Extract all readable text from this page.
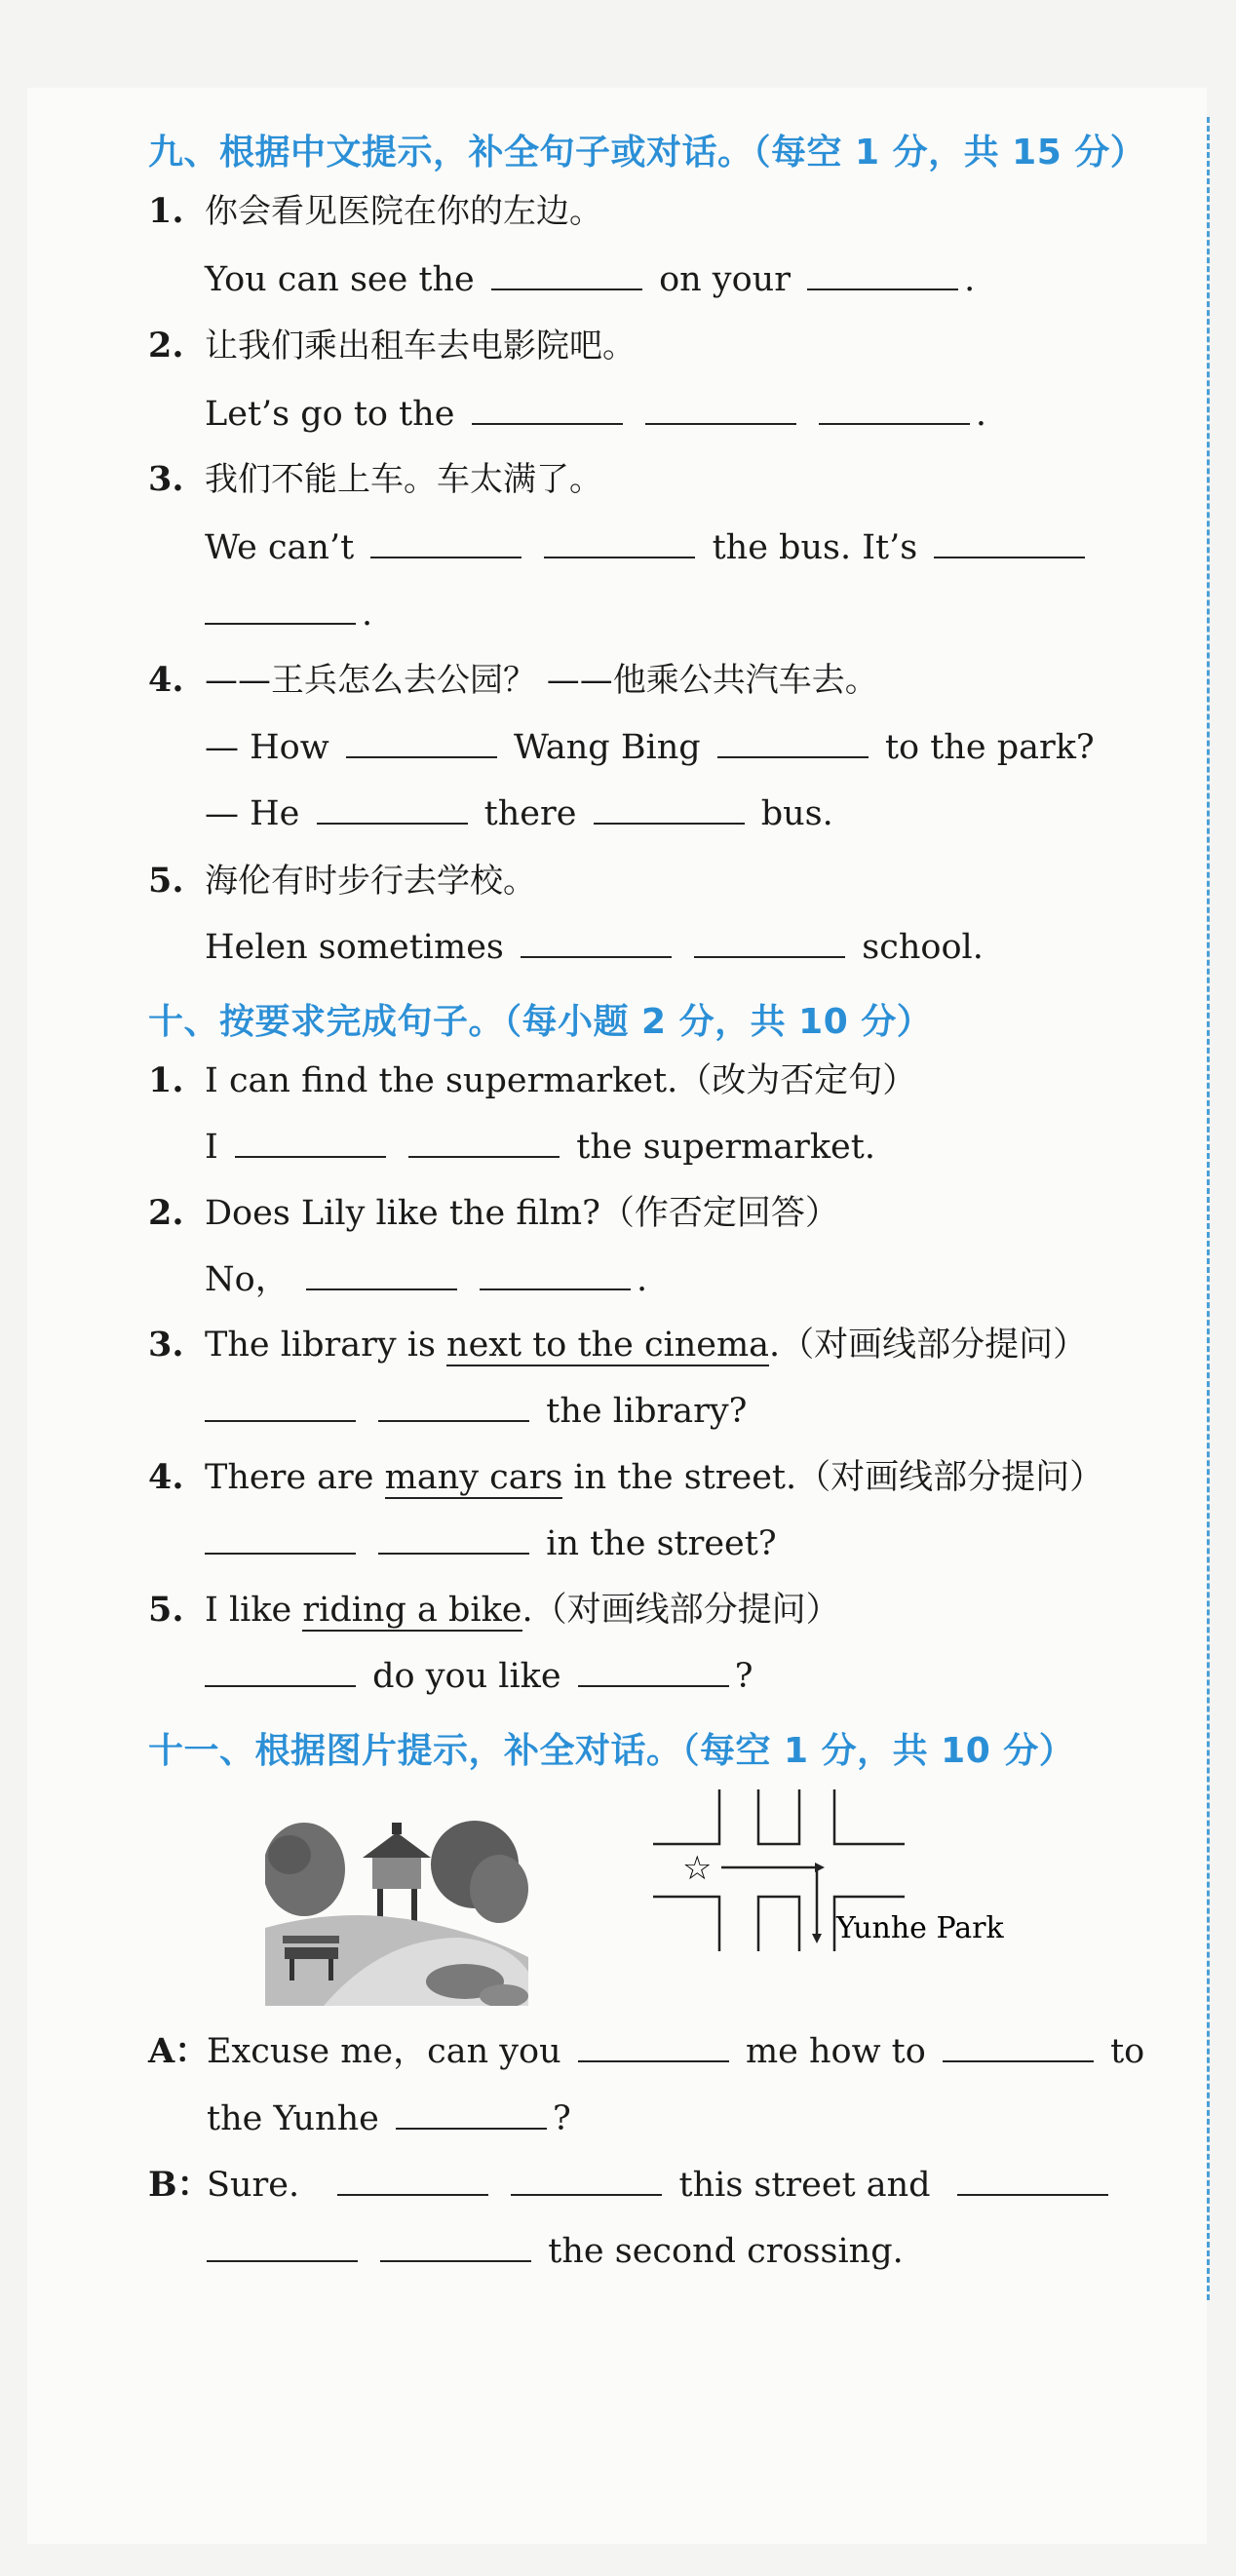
九、根据中文提示，补全句子或对话。（每空 1 分，共 15 分）
1. 你会看见医院在你的左边。
You can see the	on your	.
2. 让我们乘出租车去电影院吧。
Let’s go to the	.
3. 我们不能上车。车太满了。
We can’t	the bus. It’s
.
4. ——王兵怎么去公园？ ——他乘公共汽车去。
— How	Wang Bing	to the park?
— He	there	bus.
5. 海伦有时步行去学校。
Helen sometimes	school.
十、按要求完成句子。（每小题 2 分，共 10 分）
1. I can find the supermarket.（改为否定句）
I	the supermarket.
2. Does Lily like the film?（作否定回答）
No，	.
3. The library is next to the cinema.（对画线部分提问）
the library?
4. There are many cars in the street.（对画线部分提问）
in the street?
5. I like riding a bike.（对画线部分提问）
do you like	?
十一、根据图片提示，补全对话。（每空 1 分，共 10 分）
☆
Yunhe Park
A：
Excuse me，can you	me how to	to
the Yunhe	?
B：
Sure.	this street and
the second crossing.
